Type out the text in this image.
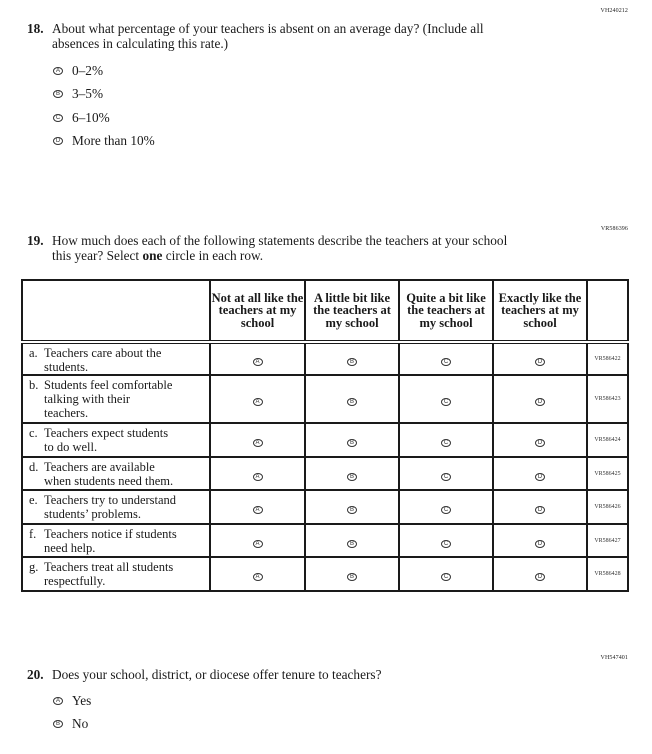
VH240212
18. About what percentage of your teachers is absent on an average day? (Include all
absences in calculating this rate.)
A 0–2%
B 3–5%
C 6–10%
D More than 10%
VR586396
19. How much does each of the following statements describe the teachers at your school
this year? Select one circle in each row.
	Not at all like the teachers at my school	A little bit like the teachers at my school	Quite a bit like the teachers at my school	Exactly like the teachers at my school	
a. Teachers care about the
students.	A	B	C	D	VR586422
b. Students feel comfortable
talking with their
teachers.	A	B	C	D	VR586423
c. Teachers expect students
to do well.	A	B	C	D	VR586424
d. Teachers are available
when students need them.	A	B	C	D	VR586425
e. Teachers try to understand
students’ problems.	A	B	C	D	VR586426
f. Teachers notice if students
need help.	A	B	C	D	VR586427
g. Teachers treat all students
respectfully.	A	B	C	D	VR586428
VH547401
20. Does your school, district, or diocese offer tenure to teachers?
A Yes
B No
